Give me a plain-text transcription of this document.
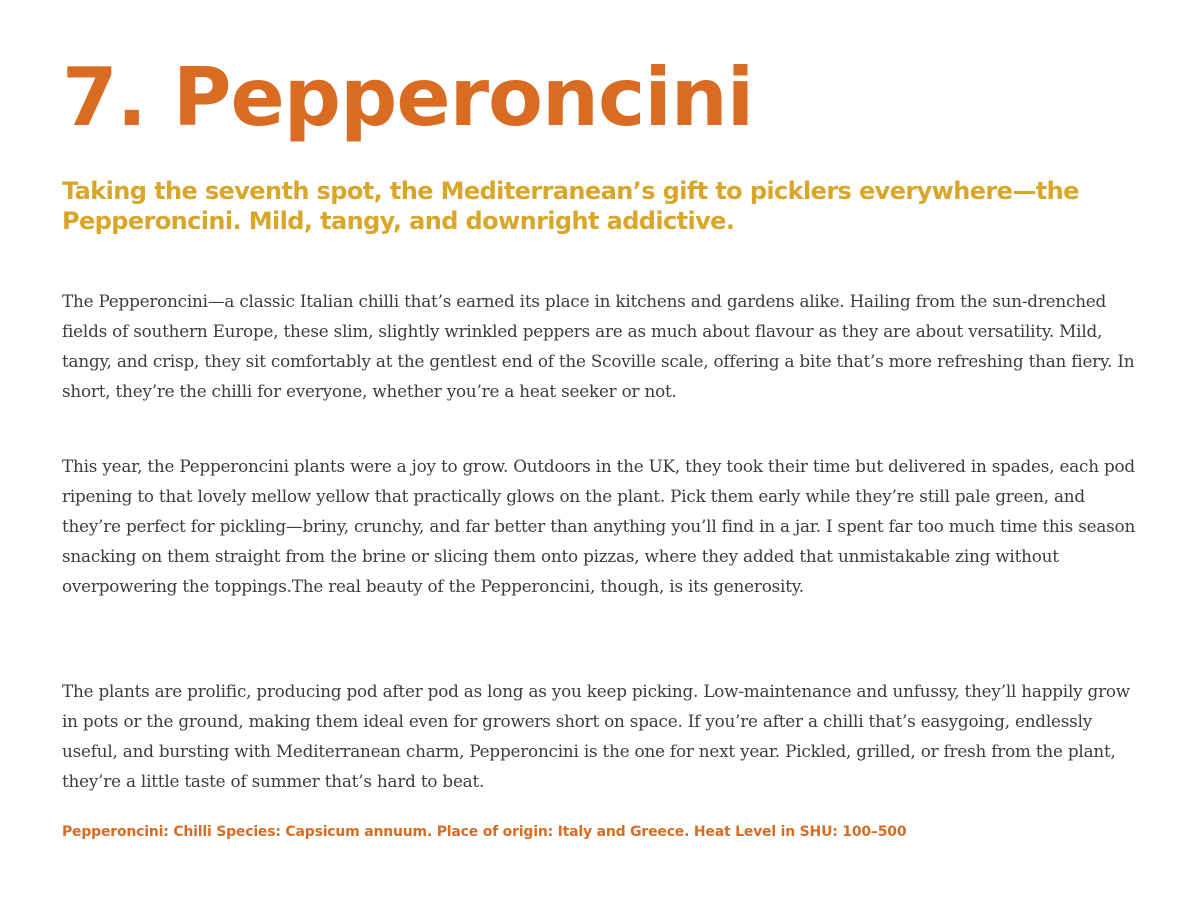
7. Pepperoncini
Taking the seventh spot, the Mediterranean’s gift to picklers everywhere—the Pepperoncini. Mild, tangy, and downright addictive.

The Pepperoncini—a classic Italian chilli that’s earned its place in kitchens and gardens alike. Hailing from the sun-drenched fields of southern Europe, these slim, slightly wrinkled peppers are as much about flavour as they are about versatility. Mild, tangy, and crisp, they sit comfortably at the gentlest end of the Scoville scale, offering a bite that’s more refreshing than fiery. In short, they’re the chilli for everyone, whether you’re a heat seeker or not.

This year, the Pepperoncini plants were a joy to grow. Outdoors in the UK, they took their time but delivered in spades, each pod ripening to that lovely mellow yellow that practically glows on the plant. Pick them early while they’re still pale green, and they’re perfect for pickling—briny, crunchy, and far better than anything you’ll find in a jar. I spent far too much time this season snacking on them straight from the brine or slicing them onto pizzas, where they added that unmistakable zing without overpowering the toppings.The real beauty of the Pepperoncini, though, is its generosity.

The plants are prolific, producing pod after pod as long as you keep picking. Low-maintenance and unfussy, they’ll happily grow in pots or the ground, making them ideal even for growers short on space. If you’re after a chilli that’s easygoing, endlessly useful, and bursting with Mediterranean charm, Pepperoncini is the one for next year. Pickled, grilled, or fresh from the plant, they’re a little taste of summer that’s hard to beat.

Pepperoncini: Chilli Species: Capsicum annuum. Place of origin: Italy and Greece. Heat Level in SHU: 100–500
